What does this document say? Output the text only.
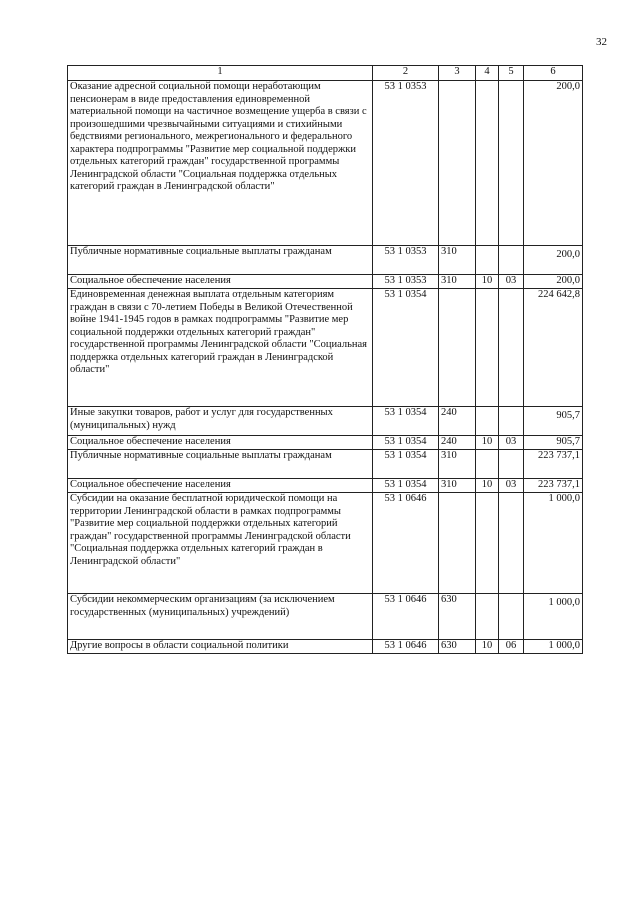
32
1	2	3	4	5	6
Оказание адресной социальной помощи неработающим пенсионерам в виде предоставления единовременной материальной помощи на частичное возмещение ущерба в связи с произошедшими чрезвычайными ситуациями и стихийными бедствиями регионального, межрегионального и федерального характера подпрограммы "Развитие мер социальной поддержки отдельных категорий граждан" государственной программы Ленинградской области "Социальная поддержка отдельных категорий граждан в Ленинградской области"	53 1 0353				200,0
Публичные нормативные социальные выплаты гражданам	53 1 0353	310			200,0
Социальное обеспечение населения	53 1 0353	310	10	03	200,0
Единовременная денежная выплата отдельным категориям граждан в связи с 70-летием Победы в Великой Отечественной войне 1941-1945 годов в рамках подпрограммы "Развитие мер социальной поддержки отдельных категорий граждан" государственной программы Ленинградской области "Социальная поддержка отдельных категорий граждан в Ленинградской области"	53 1 0354				224 642,8
Иные закупки товаров, работ и услуг для государственных (муниципальных) нужд	53 1 0354	240			905,7
Социальное обеспечение населения	53 1 0354	240	10	03	905,7
Публичные нормативные социальные выплаты гражданам	53 1 0354	310			223 737,1
Социальное обеспечение населения	53 1 0354	310	10	03	223 737,1
Субсидии на оказание бесплатной юридической помощи на территории Ленинградской области в рамках подпрограммы "Развитие мер социальной поддержки отдельных категорий граждан" государственной программы Ленинградской области "Социальная поддержка отдельных категорий граждан в Ленинградской области"	53 1 0646				1 000,0
Субсидии некоммерческим организациям (за исключением государственных (муниципальных) учреждений)	53 1 0646	630			1 000,0
Другие вопросы в области социальной политики	53 1 0646	630	10	06	1 000,0
